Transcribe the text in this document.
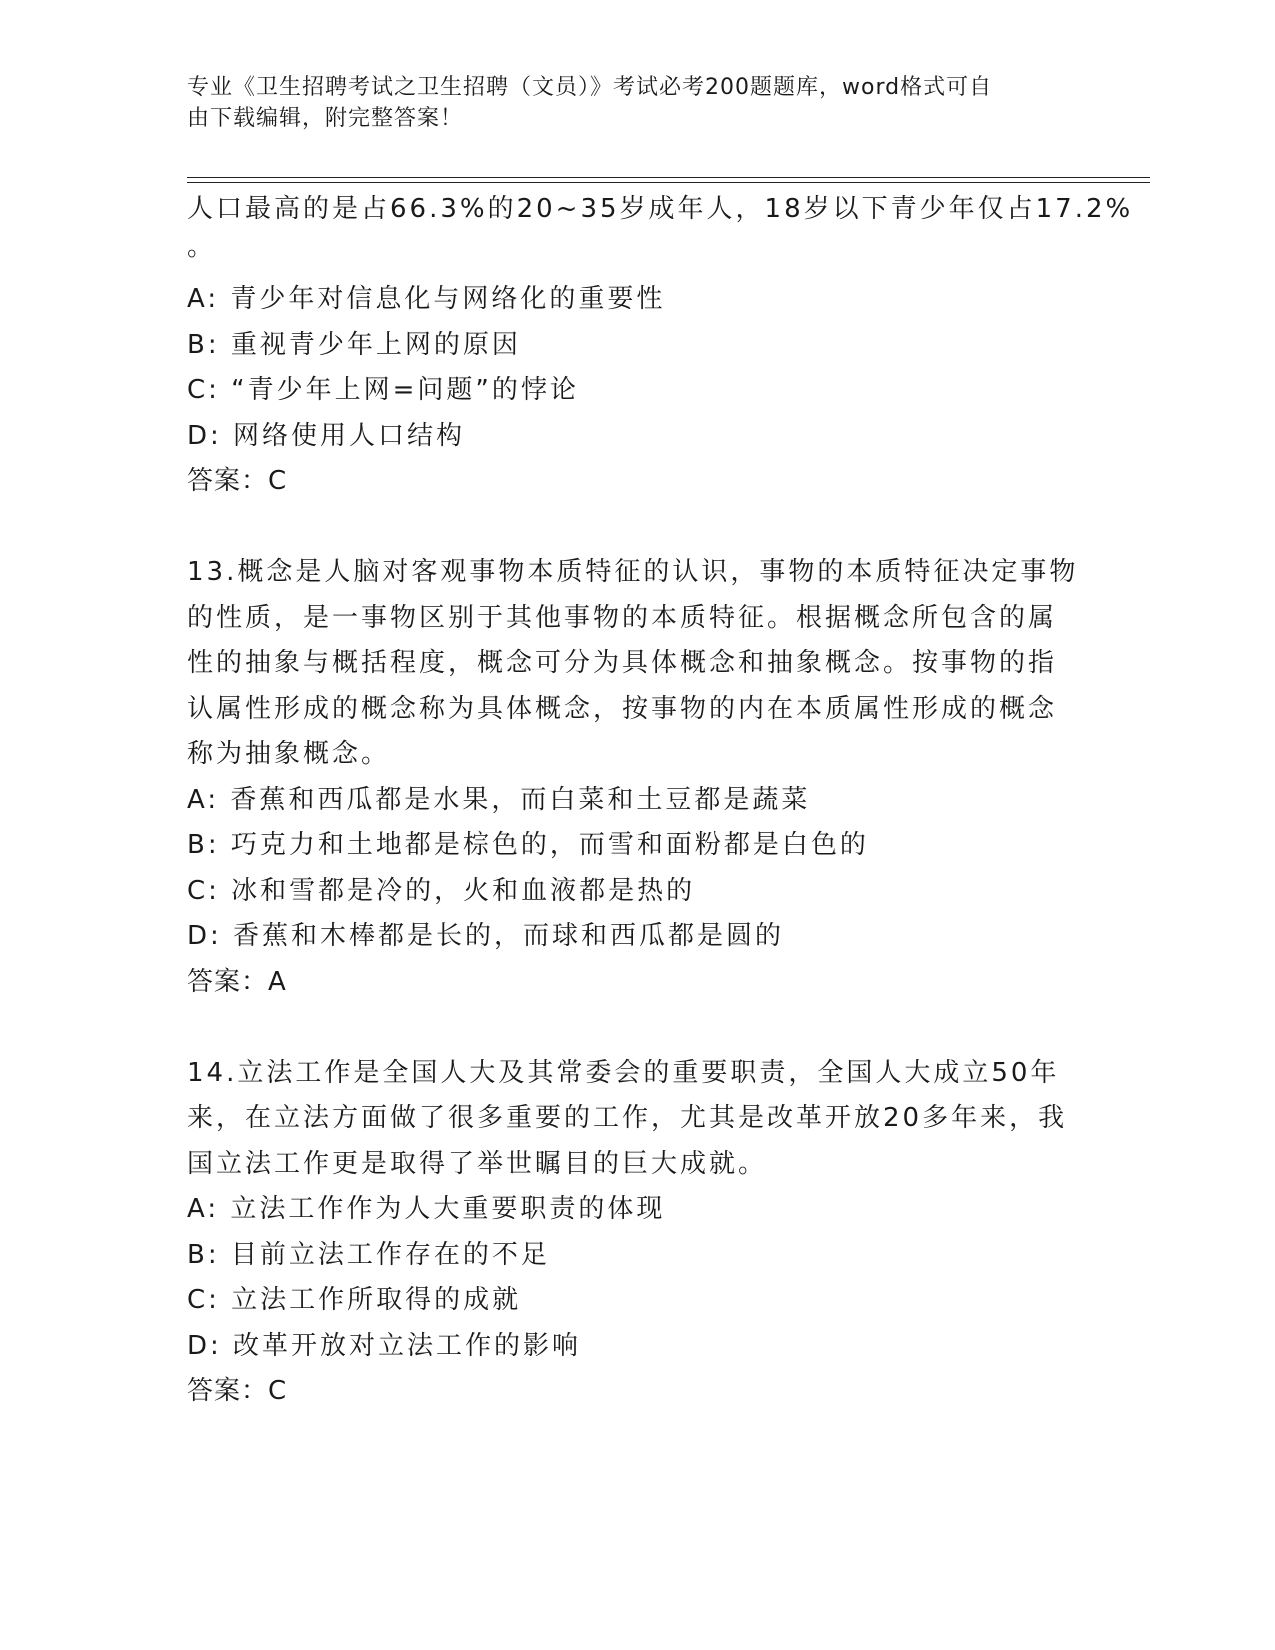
专业《卫生招聘考试之卫生招聘（文员）》考试必考200题题库，word格式可自
由下载编辑，附完整答案！
人口最高的是占66.3%的20~35岁成年人，18岁以下青少年仅占17.2%
。
A: 青少年对信息化与网络化的重要性
B: 重视青少年上网的原因
C: “青少年上网=问题”的悖论
D: 网络使用人口结构
答案：C
13.概念是人脑对客观事物本质特征的认识，事物的本质特征决定事物
的性质，是一事物区别于其他事物的本质特征。根据概念所包含的属
性的抽象与概括程度，概念可分为具体概念和抽象概念。按事物的指
认属性形成的概念称为具体概念，按事物的内在本质属性形成的概念
称为抽象概念。
A: 香蕉和西瓜都是水果，而白菜和土豆都是蔬菜
B: 巧克力和土地都是棕色的，而雪和面粉都是白色的
C: 冰和雪都是冷的，火和血液都是热的
D: 香蕉和木棒都是长的，而球和西瓜都是圆的
答案：A
14.立法工作是全国人大及其常委会的重要职责，全国人大成立50年
来，在立法方面做了很多重要的工作，尤其是改革开放20多年来，我
国立法工作更是取得了举世瞩目的巨大成就。
A: 立法工作作为人大重要职责的体现
B: 目前立法工作存在的不足
C: 立法工作所取得的成就
D: 改革开放对立法工作的影响
答案：C
